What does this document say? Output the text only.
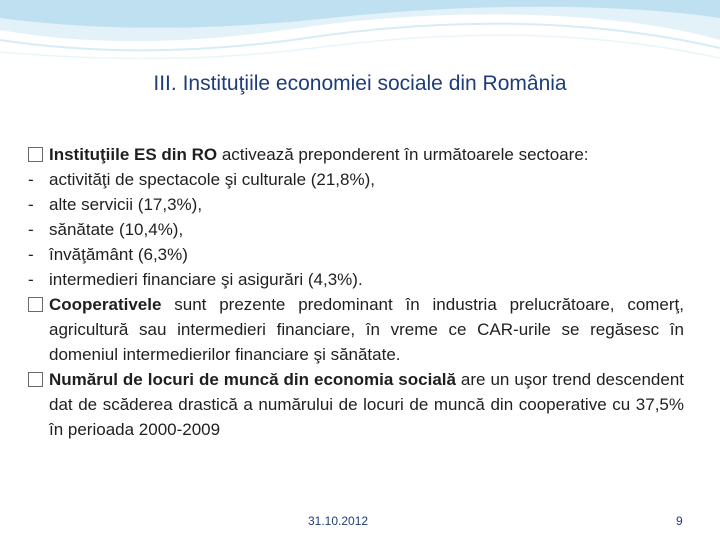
III. Instituţiile economiei sociale din România
Instituţiile ES din RO activează preponderent în următoarele sectoare:
- activităţi de spectacole şi culturale (21,8%),
- alte servicii (17,3%),
- sănătate (10,4%),
- învăţământ (6,3%)
- intermedieri financiare şi asigurări (4,3%).
Cooperativele sunt prezente predominant în industria prelucrătoare, comerţ, agricultură sau intermedieri financiare, în vreme ce CAR-urile se regăsesc în domeniul intermedierilor financiare şi sănătate.
Numărul de locuri de muncă din economia socială are un uşor trend descendent dat de scăderea drastică a numărului de locuri de muncă din cooperative cu 37,5% în perioada 2000-2009
31.10.2012	9
